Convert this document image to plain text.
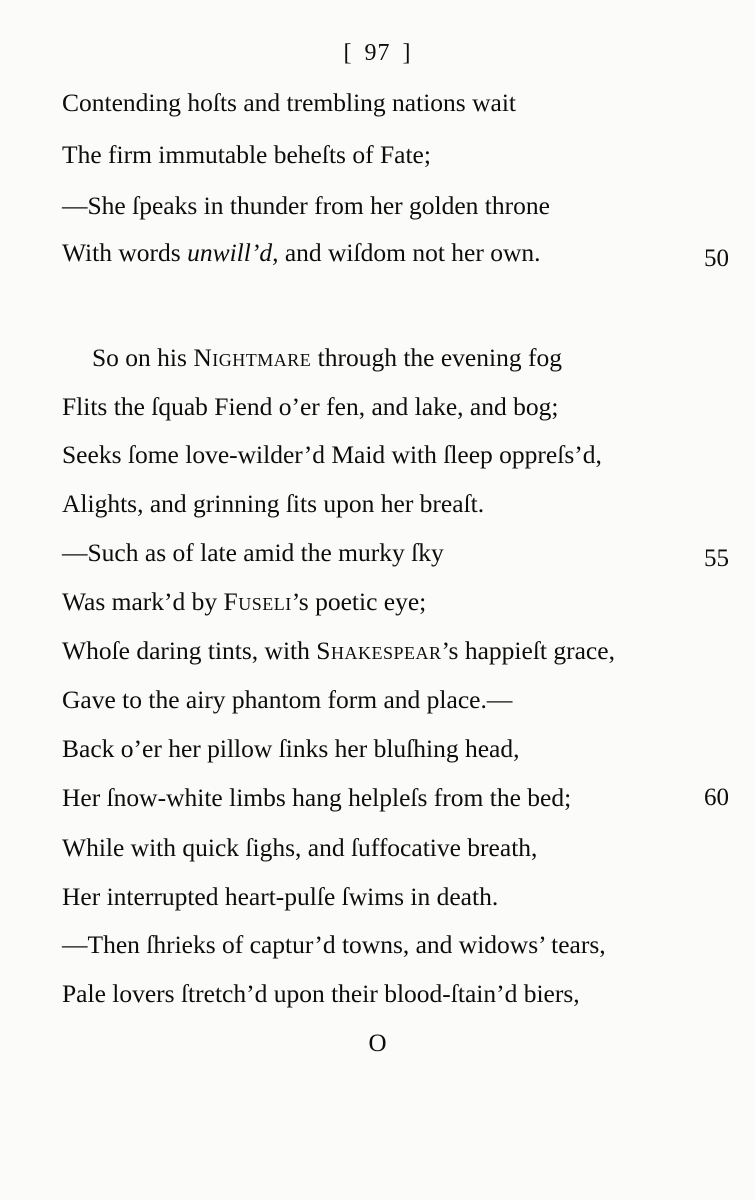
[ 97 ]
Contending hoſts and trembling nations wait
The firm immutable beheſts of Fate;
—She ſpeaks in thunder from her golden throne
With words unwill’d, and wiſdom not her own.	50
So on his Nightmare through the evening fog
Flits the ſquab Fiend o’er fen, and lake, and bog;
Seeks ſome love-wilder’d Maid with ſleep oppreſs’d,
Alights, and grinning ſits upon her breaſt.
—Such as of late amid the murky ſky	55
Was mark’d by Fuseli’s poetic eye;
Whoſe daring tints, with Shakespear’s happieſt grace,
Gave to the airy phantom form and place.—
Back o’er her pillow ſinks her bluſhing head,
Her ſnow-white limbs hang helpleſs from the bed;	60
While with quick ſighs, and ſuffocative breath,
Her interrupted heart-pulſe ſwims in death.
—Then ſhrieks of captur’d towns, and widows’ tears,
Pale lovers ſtretch’d upon their blood-ſtain’d biers,
O
